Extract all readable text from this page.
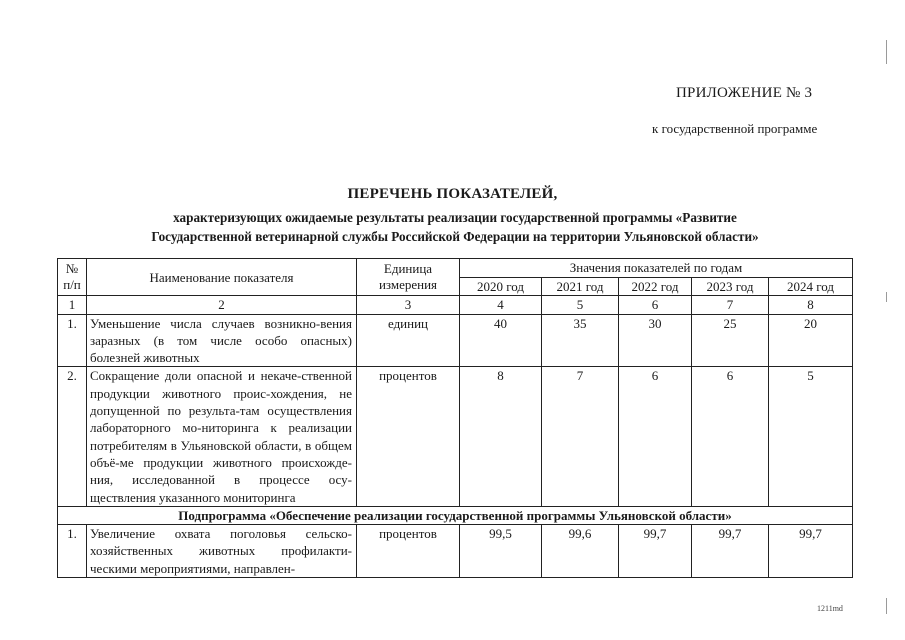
ПРИЛОЖЕНИЕ № 3
к государственной программе
ПЕРЕЧЕНЬ ПОКАЗАТЕЛЕЙ,
характеризующих ожидаемые результаты реализации государственной программы «Развитие
Государственной ветеринарной службы Российской Федерации на территории Ульяновской области»
№ п/п	Наименование показателя	Единица измерения	Значения показателей по годам				
			2020 год	2021 год	2022 год	2023 год	2024 год
1	2	3	4	5	6	7	8
1.	Уменьшение числа случаев возникно-вения заразных (в том числе особо опасных) болезней животных	единиц	40	35	30	25	20
2.	Сокращение доли опасной и некаче-ственной продукции животного проис-хождения, не допущенной по результа-там осуществления лабораторного мо-ниторинга к реализации потребителям в Ульяновской области, в общем объё-ме продукции животного происхожде-ния, исследованной в процессе осу-ществления указанного мониторинга	процентов	8	7	6	6	5
Подпрограмма «Обеспечение реализации государственной программы Ульяновской области»							
1.	Увеличение охвата поголовья сельско-хозяйственных животных профилакти-ческими мероприятиями, направлен-	процентов	99,5	99,6	99,7	99,7	99,7
1211md
